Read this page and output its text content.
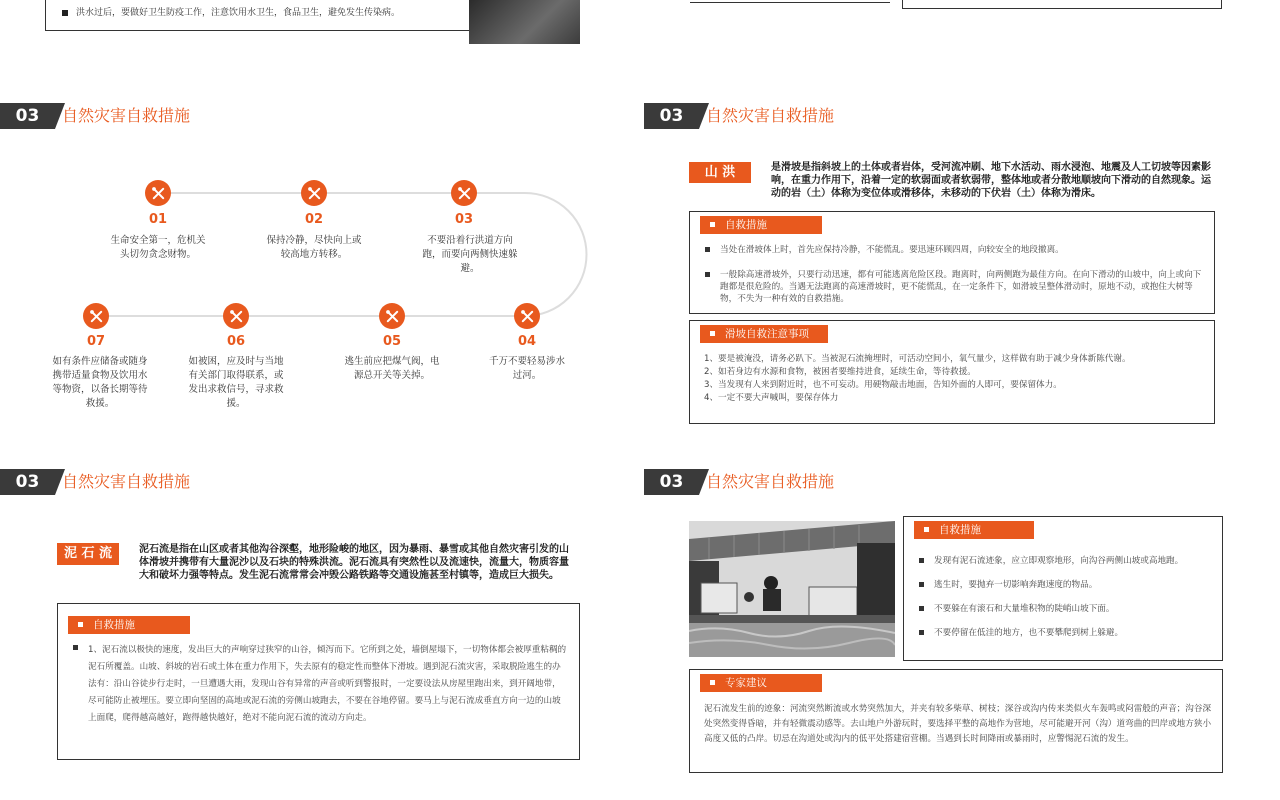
洪水过后，要做好卫生防疫工作，注意饮用水卫生，食品卫生，避免发生传染病。
03	自然灾害自救措施
01
生命安全第一，危机关头切勿贪念财物。
02
保持冷静，尽快向上或较高地方转移。
03
不要沿着行洪道方向跑，而要向两侧快速躲避。
04
千万不要轻易涉水过河。
05
逃生前应把煤气阀，电源总开关等关掉。
06
如被困，应及时与当地有关部门取得联系，或发出求救信号，寻求救援。
07
如有条件应储备或随身携带适量食物及饮用水等物资，以备长期等待救援。
03	自然灾害自救措施
山 洪	是滑坡是指斜坡上的土体或者岩体，受河流冲刷、地下水活动、雨水浸泡、地震及人工切坡等因素影响，在重力作用下，沿着一定的软弱面或者软弱带，整体地或者分散地顺坡向下滑动的自然现象。运动的岩（土）体称为变位体或滑移体，未移动的下伏岩（土）体称为滑床。
自救措施
当处在滑坡体上时，首先应保持冷静，不能慌乱。要迅速环顾四周，向较安全的地段撤离。
一般除高速滑坡外，只要行动迅速，都有可能逃离危险区段。跑离时，向两侧跑为最佳方向。在向下滑动的山坡中，向上或向下跑都是很危险的。当遇无法跑离的高速滑坡时，更不能慌乱，在一定条件下，如滑坡呈整体滑动时，原地不动，或抱住大树等物，不失为一种有效的自救措施。
滑坡自救注意事项
1、要是被淹没，请务必趴下。当被泥石流掩埋时，可活动空间小，氧气量少，这样做有助于减少身体新陈代谢。
2、如若身边有水源和食物，被困者要维持进食，延续生命，等待救援。
3、当发现有人来到附近时，也不可妄动。用硬物敲击地面，告知外面的人即可，要保留体力。
4、一定不要大声喊叫，要保存体力
03	自然灾害自救措施
泥 石 流	泥石流是指在山区或者其他沟谷深壑，地形险峻的地区，因为暴雨、暴雪或其他自然灾害引发的山体滑坡并携带有大量泥沙以及石块的特殊洪流。泥石流具有突然性以及流速快，流量大，物质容量大和破坏力强等特点。发生泥石流常常会冲毁公路铁路等交通设施甚至村镇等，造成巨大损失。
自救措施
1、泥石流以极快的速度，发出巨大的声响穿过狭窄的山谷，倾泻而下。它所到之处，墙倒屋塌下，一切物体都会被厚重粘稠的泥石所覆盖。山坡、斜坡的岩石或土体在重力作用下，失去原有的稳定性而整体下滑坡。遇到泥石流灾害，采取脱险逃生的办法有：沿山谷徒步行走时，一旦遭遇大雨，发现山谷有异常的声音或听到警报时，一定要设法从房屋里跑出来，到开阔地带，尽可能防止被埋压。要立即向坚固的高地或泥石流的旁侧山坡跑去，不要在谷地停留。要马上与泥石流成垂直方向一边的山坡上面爬，爬得越高越好，跑得越快越好，绝对不能向泥石流的流动方向走。
03	自然灾害自救措施
自救措施
发现有泥石流迹象，应立即观察地形，向沟谷两侧山坡或高地跑。
逃生时，要抛弃一切影响奔跑速度的物品。
不要躲在有滚石和大量堆积物的陡峭山坡下面。
不要停留在低洼的地方，也不要攀爬到树上躲避。
专家建议
泥石流发生前的迹象：河流突然断流或水势突然加大，并夹有较多柴草、树枝；深谷或沟内传来类似火车轰鸣或闷雷般的声音；沟谷深处突然变得昏暗，并有轻微震动感等。去山地户外游玩时，要选择平整的高地作为营地，尽可能避开河（沟）道弯曲的凹岸或地方狭小高度又低的凸岸。切忌在沟道处或沟内的低平处搭建宿营棚。当遇到长时间降雨或暴雨时，应警惕泥石流的发生。
